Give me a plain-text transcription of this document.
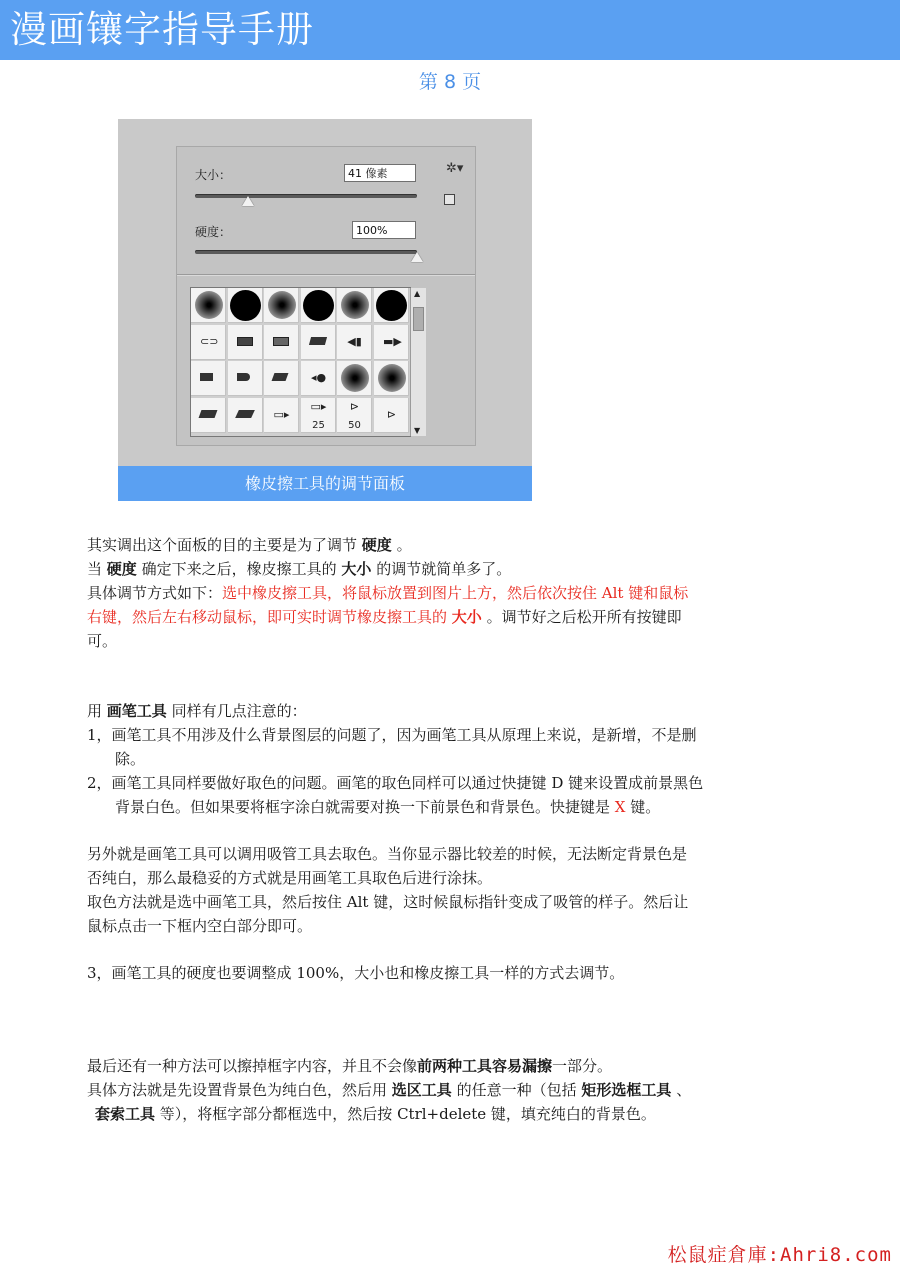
漫画镶字指导手册
第 8 页
大小：	41 像素	✲▾
硬度：	100%
⊂⊃	◀▮ ▬▶
◂●
▭▸
▭▸
25
⊳
50
⊳
▲
▼
橡皮擦工具的调节面板
其实调出这个面板的目的主要是为了调节 硬度 。
当 硬度 确定下来之后，橡皮擦工具的 大小 的调节就简单多了。
具体调节方式如下：选中橡皮擦工具，将鼠标放置到图片上方，然后依次按住 Alt 键和鼠标
右键，然后左右移动鼠标，即可实时调节橡皮擦工具的 大小 。调节好之后松开所有按键即
可。
用 画笔工具 同样有几点注意的：
1，画笔工具不用涉及什么背景图层的问题了，因为画笔工具从原理上来说，是新增，不是删
除。
2，画笔工具同样要做好取色的问题。画笔的取色同样可以通过快捷键 D 键来设置成前景黑色
背景白色。但如果要将框字涂白就需要对换一下前景色和背景色。快捷键是 X 键。
另外就是画笔工具可以调用吸管工具去取色。当你显示器比较差的时候，无法断定背景色是
否纯白，那么最稳妥的方式就是用画笔工具取色后进行涂抹。
取色方法就是选中画笔工具，然后按住 Alt 键，这时候鼠标指针变成了吸管的样子。然后让
鼠标点击一下框内空白部分即可。
3，画笔工具的硬度也要调整成 100%，大小也和橡皮擦工具一样的方式去调节。
最后还有一种方法可以擦掉框字内容，并且不会像前两种工具容易漏擦一部分。
具体方法就是先设置背景色为纯白色，然后用 选区工具 的任意一种（包括 矩形选框工具 、
套索工具 等），将框字部分都框选中，然后按 Ctrl+delete 键，填充纯白的背景色。
松鼠症倉庫:Ahri8.com
